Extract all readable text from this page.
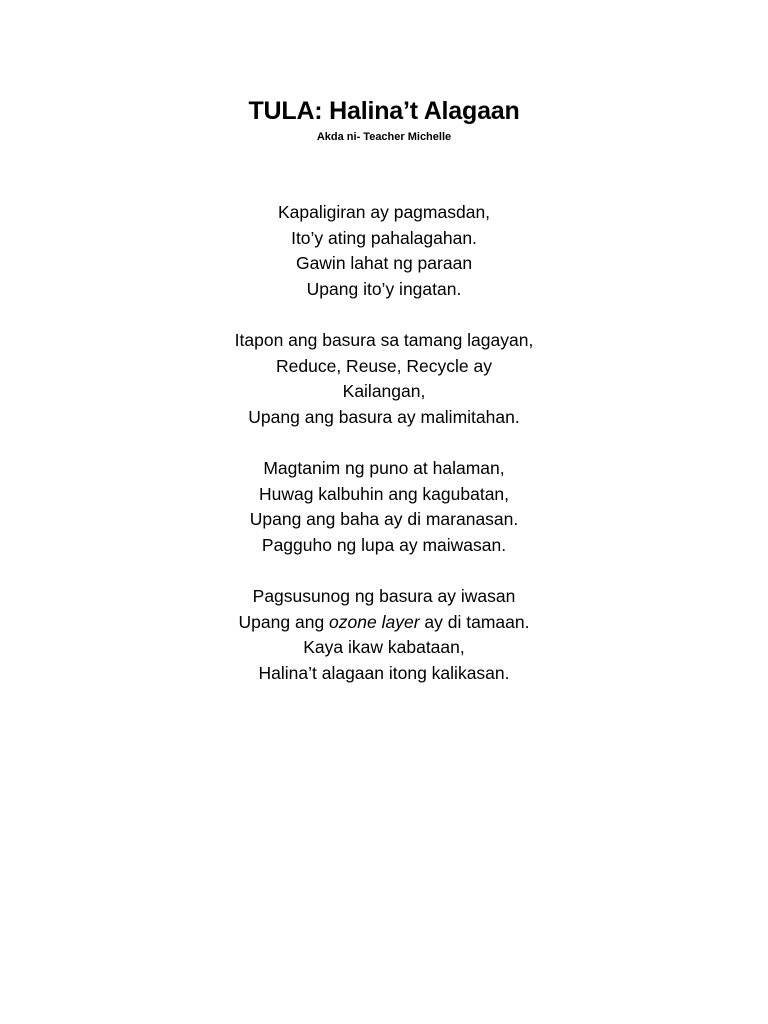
TULA: Halina’t Alagaan
Akda ni- Teacher Michelle
Kapaligiran ay pagmasdan,
Ito’y ating pahalagahan.
Gawin lahat ng paraan
Upang ito’y ingatan.
Itapon ang basura sa tamang lagayan,
Reduce, Reuse, Recycle ay
Kailangan,
Upang ang basura ay malimitahan.
Magtanim ng puno at halaman,
Huwag kalbuhin ang kagubatan,
Upang ang baha ay di maranasan.
Pagguho ng lupa ay maiwasan.
Pagsusunog ng basura ay iwasan
Upang ang ozone layer ay di tamaan.
Kaya ikaw kabataan,
Halina’t alagaan itong kalikasan.
